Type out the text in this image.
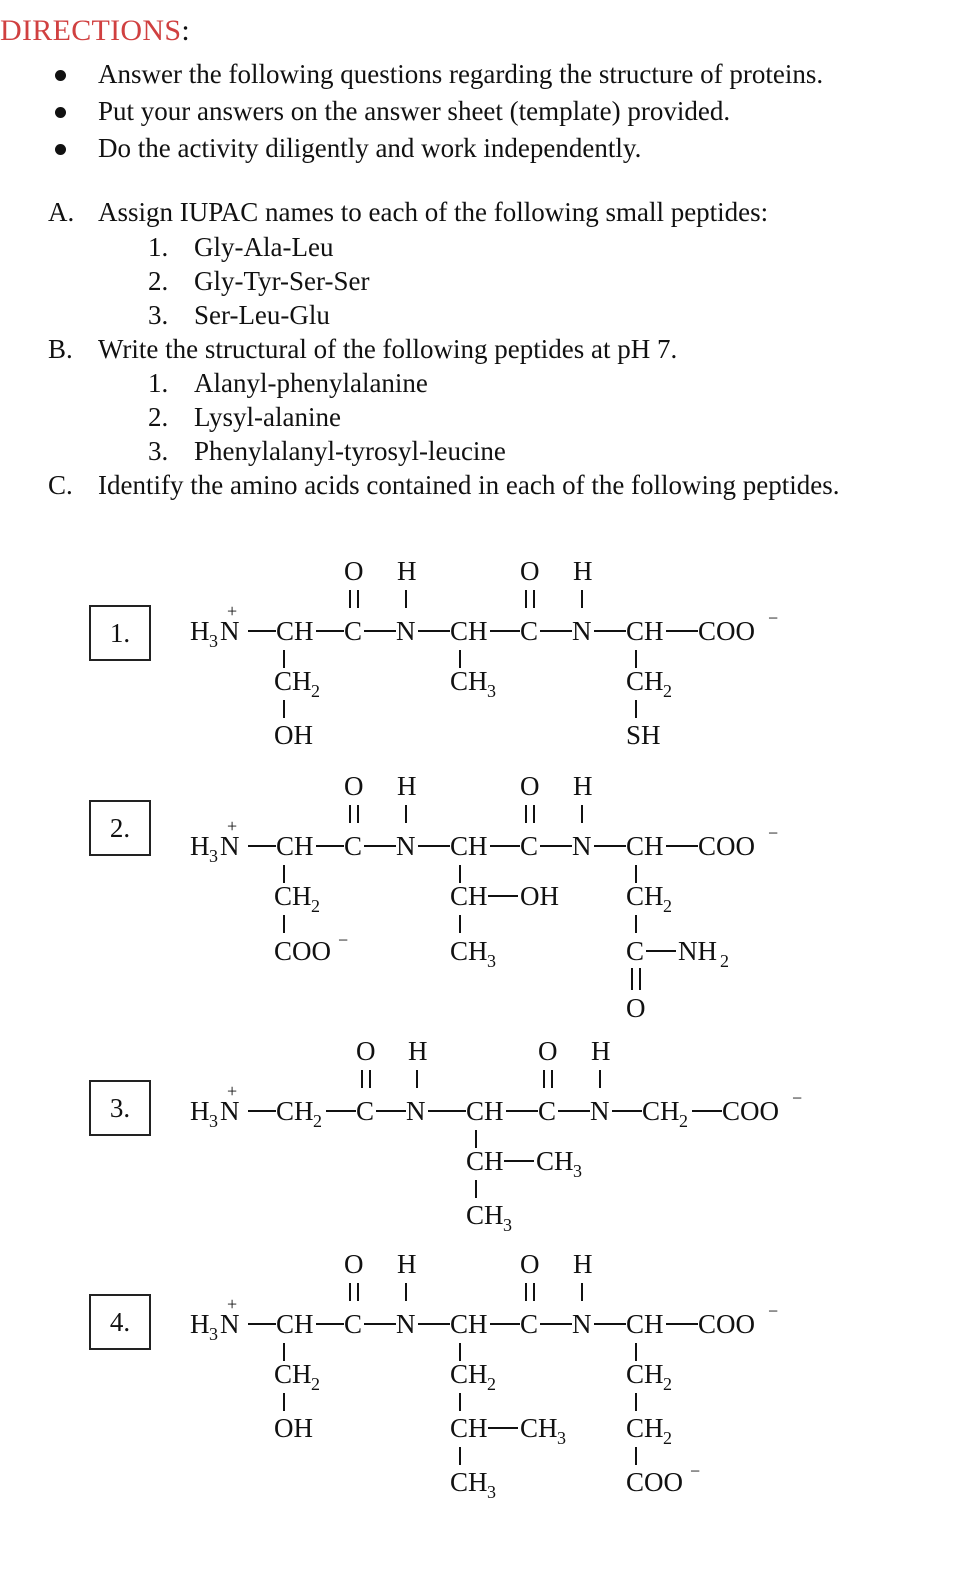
DIRECTIONS:
Answer the following questions regarding the structure of proteins.
Put your answers on the answer sheet (template) provided.
Do the activity diligently and work independently.
A. Assign IUPAC names to each of the following small peptides:
1. Gly-Ala-Leu
2. Gly-Tyr-Ser-Ser
3. Ser-Leu-Glu
B. Write the structural of the following peptides at pH 7.
1. Alanyl-phenylalanine
2. Lysyl-alanine
3. Phenylalanyl-tyrosyl-leucine
C. Identify the amino acids contained in each of the following peptides.
1.
2.
3.
4.
H 3 N
+
CH C N CH C N CH COO −
O H	O H
CH 2
OH
CH 3	CH 2
SH
H 3 N
+
CH C N CH C N CH COO −
O H	O H
CH 2
COO −
CH OH
CH 3
CH 2
C NH 2
O
H 3 N
+
CH 2 C N CH C N CH 2 COO −
O H	O H
CH CH 3
CH 3
H 3 N
+
CH C N CH C N CH COO −
O H	O H
CH 2
OH
CH 2
CH CH 3
CH 3
CH 2
CH 2
COO −
